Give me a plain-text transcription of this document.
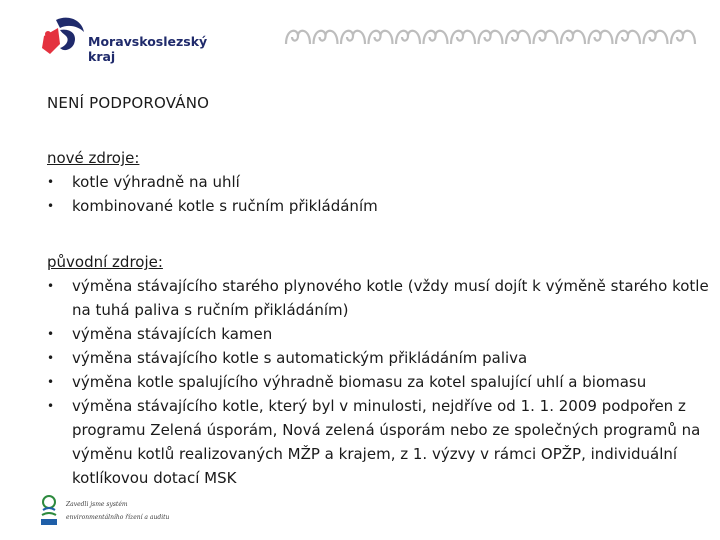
Moravskoslezský
kraj
NENÍ PODPOROVÁNO
nové zdroje:
• kotle výhradně na uhlí
• kombinované kotle s ručním přikládáním
původní zdroje:
• výměna stávajícího starého plynového kotle (vždy musí dojít k výměně starého kotle na tuhá paliva s ručním přikládáním)
• výměna stávajících kamen
• výměna stávajícího kotle s automatickým přikládáním paliva
• výměna kotle spalujícího výhradně biomasu za kotel spalující uhlí a biomasu
• výměna stávajícího kotle, který byl v minulosti, nejdříve od 1. 1. 2009 podpořen z programu Zelená úsporám, Nová zelená úsporám nebo ze společných programů na výměnu kotlů realizovaných MŽP a krajem, z 1. výzvy v rámci OPŽP, individuální kotlíkovou dotací MSK
Zavedli jsme systém
environmentálního řízení a auditu
